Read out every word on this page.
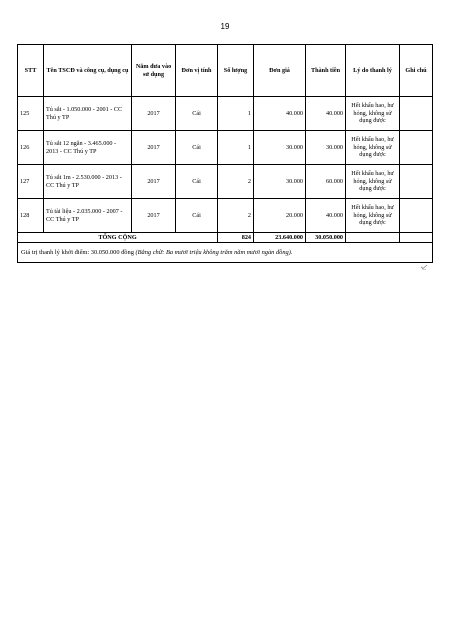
19
STT	Tên TSCĐ và công cụ, dụng cụ	Năm đưa vào sử dụng	Đơn vị tính	Số lượng	Đơn giá	Thành tiền	Lý do thanh lý	Ghi chú
125	Tủ sắt - 1.050.000 - 2001 - CC Thú y TP	2017	Cái	1	40.000	40.000	Hết khấu hao, hư hỏng, không sử dụng được	
126	Tủ sắt 12 ngăn - 3.465.000 - 2013 - CC Thú y TP	2017	Cái	1	30.000	30.000	Hết khấu hao, hư hỏng, không sử dụng được	
127	Tủ sắt 1m - 2.530.000 - 2013 - CC Thú y TP	2017	Cái	2	30.000	60.000	Hết khấu hao, hư hỏng, không sử dụng được	
128	Tủ tài liệu - 2.035.000 - 2007 - CC Thú y TP	2017	Cái	2	20.000	40.000	Hết khấu hao, hư hỏng, không sử dụng được	
TỔNG CỘNG				824	23.640.000	30.050.000		
Giá trị thanh lý khởi điểm: 30.050.000 đồng (Bằng chữ: Ba mươi triệu không trăm năm mươi ngàn đồng).								
